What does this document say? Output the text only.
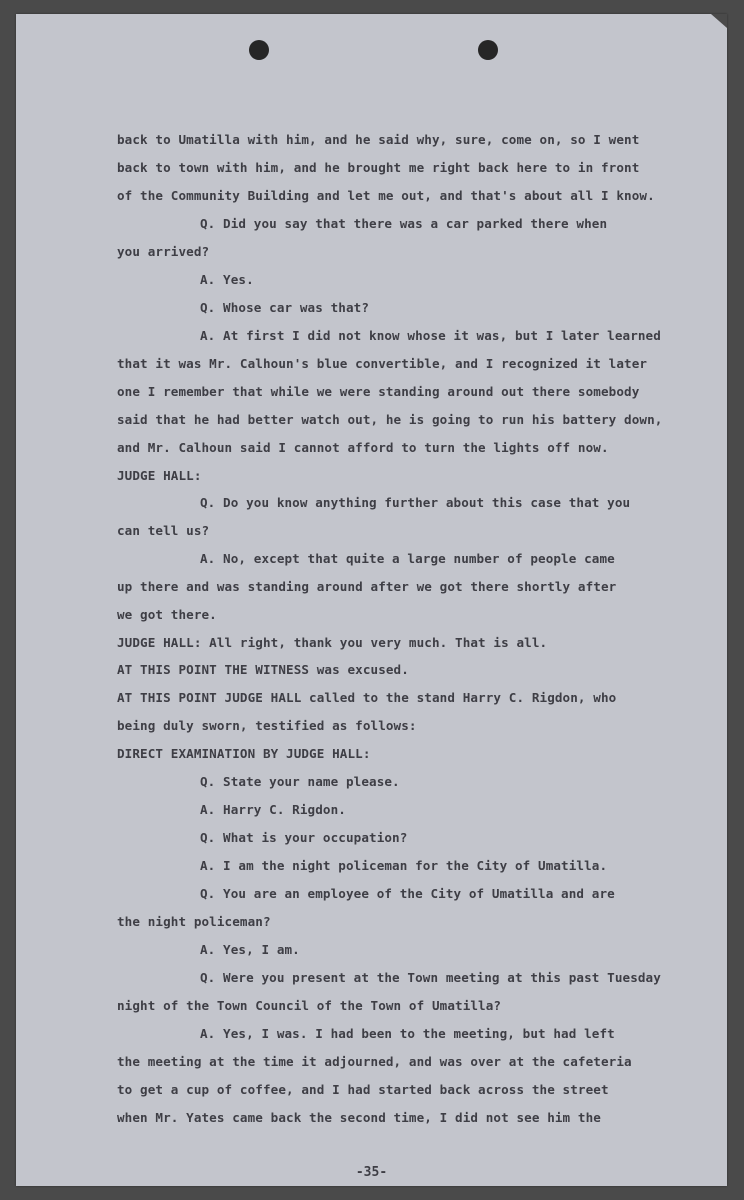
back to Umatilla with him, and he said why, sure, come on, so I went
back to town with him, and he brought me right back here to in front
of the Community Building and let me out, and that's about all I know.
Q. Did you say that there was a car parked there when
you arrived?
A. Yes.
Q. Whose car was that?
A. At first I did not know whose it was, but I later learned
that it was Mr. Calhoun's blue convertible, and I recognized it later
one I remember that while we were standing around out there somebody
said that he had better watch out, he is going to run his battery down,
and Mr. Calhoun said I cannot afford to turn the lights off now.
JUDGE HALL:
Q. Do you know anything further about this case that you
can tell us?
A. No, except that quite a large number of people came
up there and was standing around after we got there shortly after
we got there.
JUDGE HALL: All right, thank you very much. That is all.
AT THIS POINT THE WITNESS was excused.
AT THIS POINT JUDGE HALL called to the stand Harry C. Rigdon, who
being duly sworn, testified as follows:
DIRECT EXAMINATION BY JUDGE HALL:
Q. State your name please.
A. Harry C. Rigdon.
Q. What is your occupation?
A. I am the night policeman for the City of Umatilla.
Q. You are an employee of the City of Umatilla and are
the night policeman?
A. Yes, I am.
Q. Were you present at the Town meeting at this past Tuesday
night of the Town Council of the Town of Umatilla?
A. Yes, I was. I had been to the meeting, but had left
the meeting at the time it adjourned, and was over at the cafeteria
to get a cup of coffee, and I had started back across the street
when Mr. Yates came back the second time, I did not see him the
-35-
